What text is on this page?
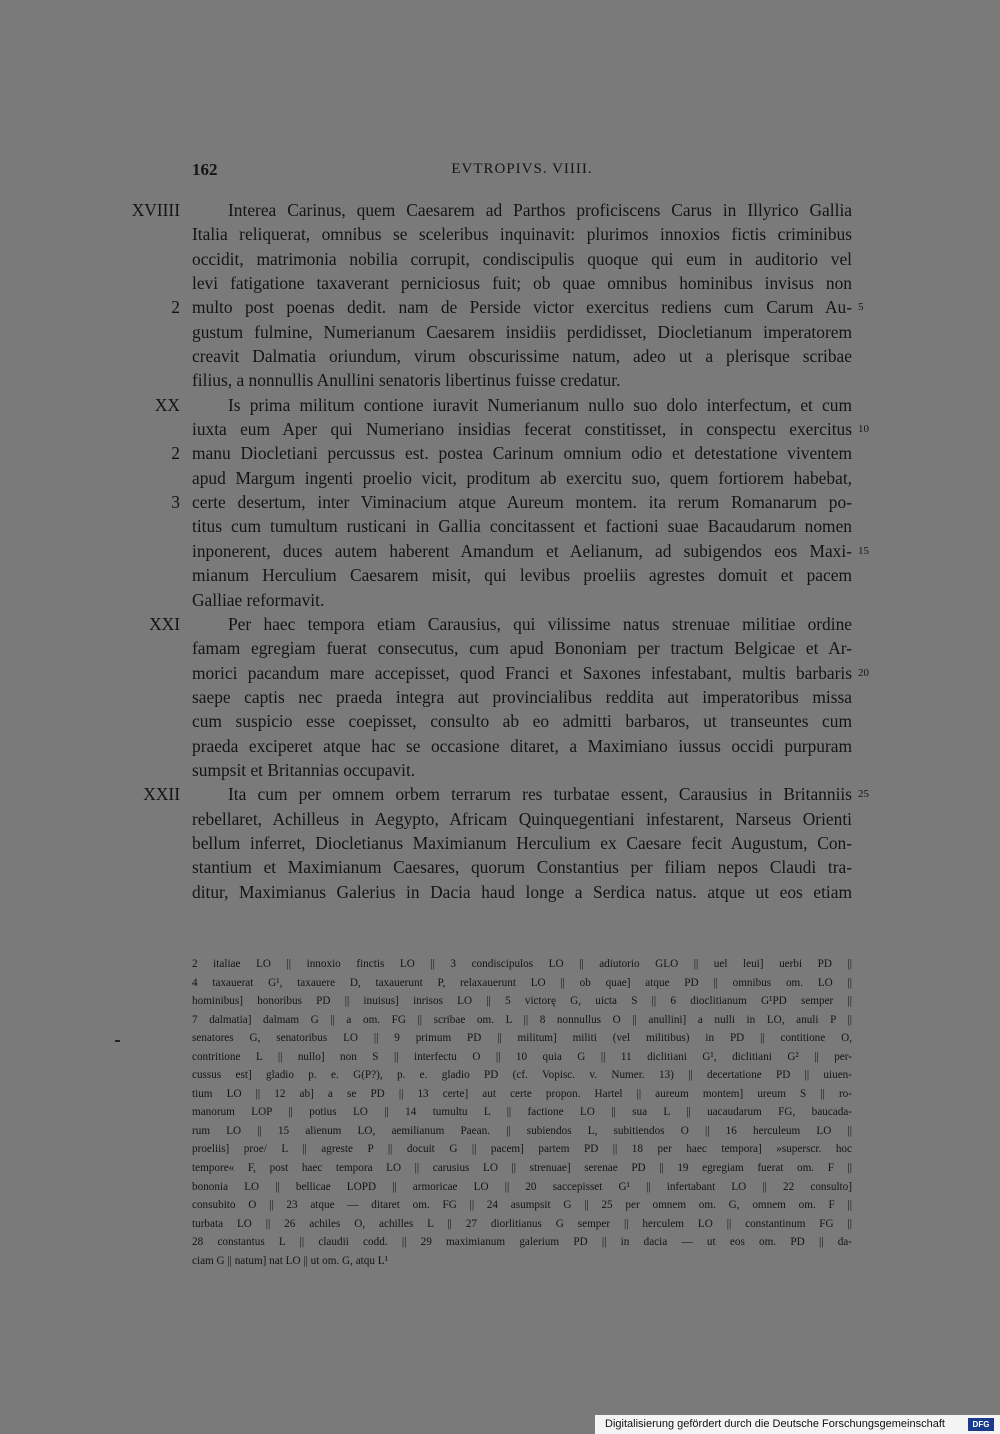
162	EVTROPIVS. VIIII.
XVIIII	Interea Carinus, quem Caesarem ad Parthos proficiscens Carus in Illyrico Gallia
Italia reliquerat, omnibus se sceleribus inquinavit: plurimos innoxios fictis criminibus
occidit, matrimonia nobilia corrupit, condiscipulis quoque qui eum in auditorio vel
levi fatigatione taxaverant perniciosus fuit; ob quae omnibus hominibus invisus non
2 multo post poenas dedit. nam de Perside victor exercitus rediens cum Carum Au- 5
gustum fulmine, Numerianum Caesarem insidiis perdidisset, Diocletianum imperatorem
creavit Dalmatia oriundum, virum obscurissime natum, adeo ut a plerisque scribae
filius, a nonnullis Anullini senatoris libertinus fuisse credatur.
XX	Is prima militum contione iuravit Numerianum nullo suo dolo interfectum, et cum
iuxta eum Aper qui Numeriano insidias fecerat constitisset, in conspectu exercitus 10
2 manu Diocletiani percussus est. postea Carinum omnium odio et detestatione viventem
apud Margum ingenti proelio vicit, proditum ab exercitu suo, quem fortiorem habebat,
3 certe desertum, inter Viminacium atque Aureum montem. ita rerum Romanarum po-
titus cum tumultum rusticani in Gallia concitassent et factioni suae Bacaudarum nomen
inponerent, duces autem haberent Amandum et Aelianum, ad subigendos eos Maxi- 15
mianum Herculium Caesarem misit, qui levibus proeliis agrestes domuit et pacem
Galliae reformavit.
XXI	Per haec tempora etiam Carausius, qui vilissime natus strenuae militiae ordine
famam egregiam fuerat consecutus, cum apud Bononiam per tractum Belgicae et Ar-
morici pacandum mare accepisset, quod Franci et Saxones infestabant, multis barbaris 20
saepe captis nec praeda integra aut provincialibus reddita aut imperatoribus missa
cum suspicio esse coepisset, consulto ab eo admitti barbaros, ut transeuntes cum
praeda exciperet atque hac se occasione ditaret, a Maximiano iussus occidi purpuram
sumpsit et Britannias occupavit.
XXII	Ita cum per omnem orbem terrarum res turbatae essent, Carausius in Britanniis 25
rebellaret, Achilleus in Aegypto, Africam Quinquegentiani infestarent, Narseus Orienti
bellum inferret, Diocletianus Maximianum Herculium ex Caesare fecit Augustum, Con-
stantium et Maximianum Caesares, quorum Constantius per filiam nepos Claudi tra-
ditur, Maximianus Galerius in Dacia haud longe a Serdica natus. atque ut eos etiam
2 italiae LO || innoxio finctis LO || 3 condiscipulos LO || adiutorio GLO || uel leui] uerbi PD ||
4 taxauerat G¹, taxauere D, taxauerunt P, relaxauerunt LO || ob quae] atque PD || omnibus om. LO ||
hominibus] honoribus PD || inuisus] inrisos LO || 5 victorę G, uicta S || 6 dioclitianum G¹PD semper ||
7 dalmatia] dalmam G || a om. FG || scribae om. L || 8 nonnullus O || anullini] a nulli in LO, anuli P ||
senatores G, senatoribus LO || 9 primum PD || militum] militi (vel militibus) in PD || contitione O,
contritione L || nullo] non S || interfectu O || 10 quia G || 11 diclitiani G¹, diclitiani G² || per-
cussus est] gladio p. e. G(P?), p. e. gladio PD (cf. Vopisc. v. Numer. 13) || decertatione PD || uiuen-
tium LO || 12 ab] a se PD || 13 certe] aut certe propon. Hartel || aureum montem] ureum S || ro-
manorum LOP || potius LO || 14 tumultu L || factione LO || sua L || uacaudarum FG, baucada-
rum LO || 15 alienum LO, aemilianum Paean. || subiendos L, subitiendos O || 16 herculeum LO ||
proeliis] proe/ L || agreste P || docuit G || pacem] partem PD || 18 per haec tempora] »superscr. hoc
tempore« F, post haec tempora LO || carusius LO || strenuae] serenae PD || 19 egregiam fuerat om. F ||
bononia LO || bellicae LOPD || armoricae LO || 20 saccepisset G¹ || infertabant LO || 22 consulto]
consubito O || 23 atque — ditaret om. FG || 24 asumpsit G || 25 per omnem om. G, omnem om. F ||
turbata LO || 26 achiles O, achilles L || 27 diorlitianus G semper || herculem LO || constantinum FG ||
28 constantus L || claudii codd. || 29 maximianum galerium PD || in dacia — ut eos om. PD || da-
ciam G || natum] nat LO || ut om. G, atqu L¹
Digitalisierung gefördert durch die Deutsche Forschungsgemeinschaft	DFG
